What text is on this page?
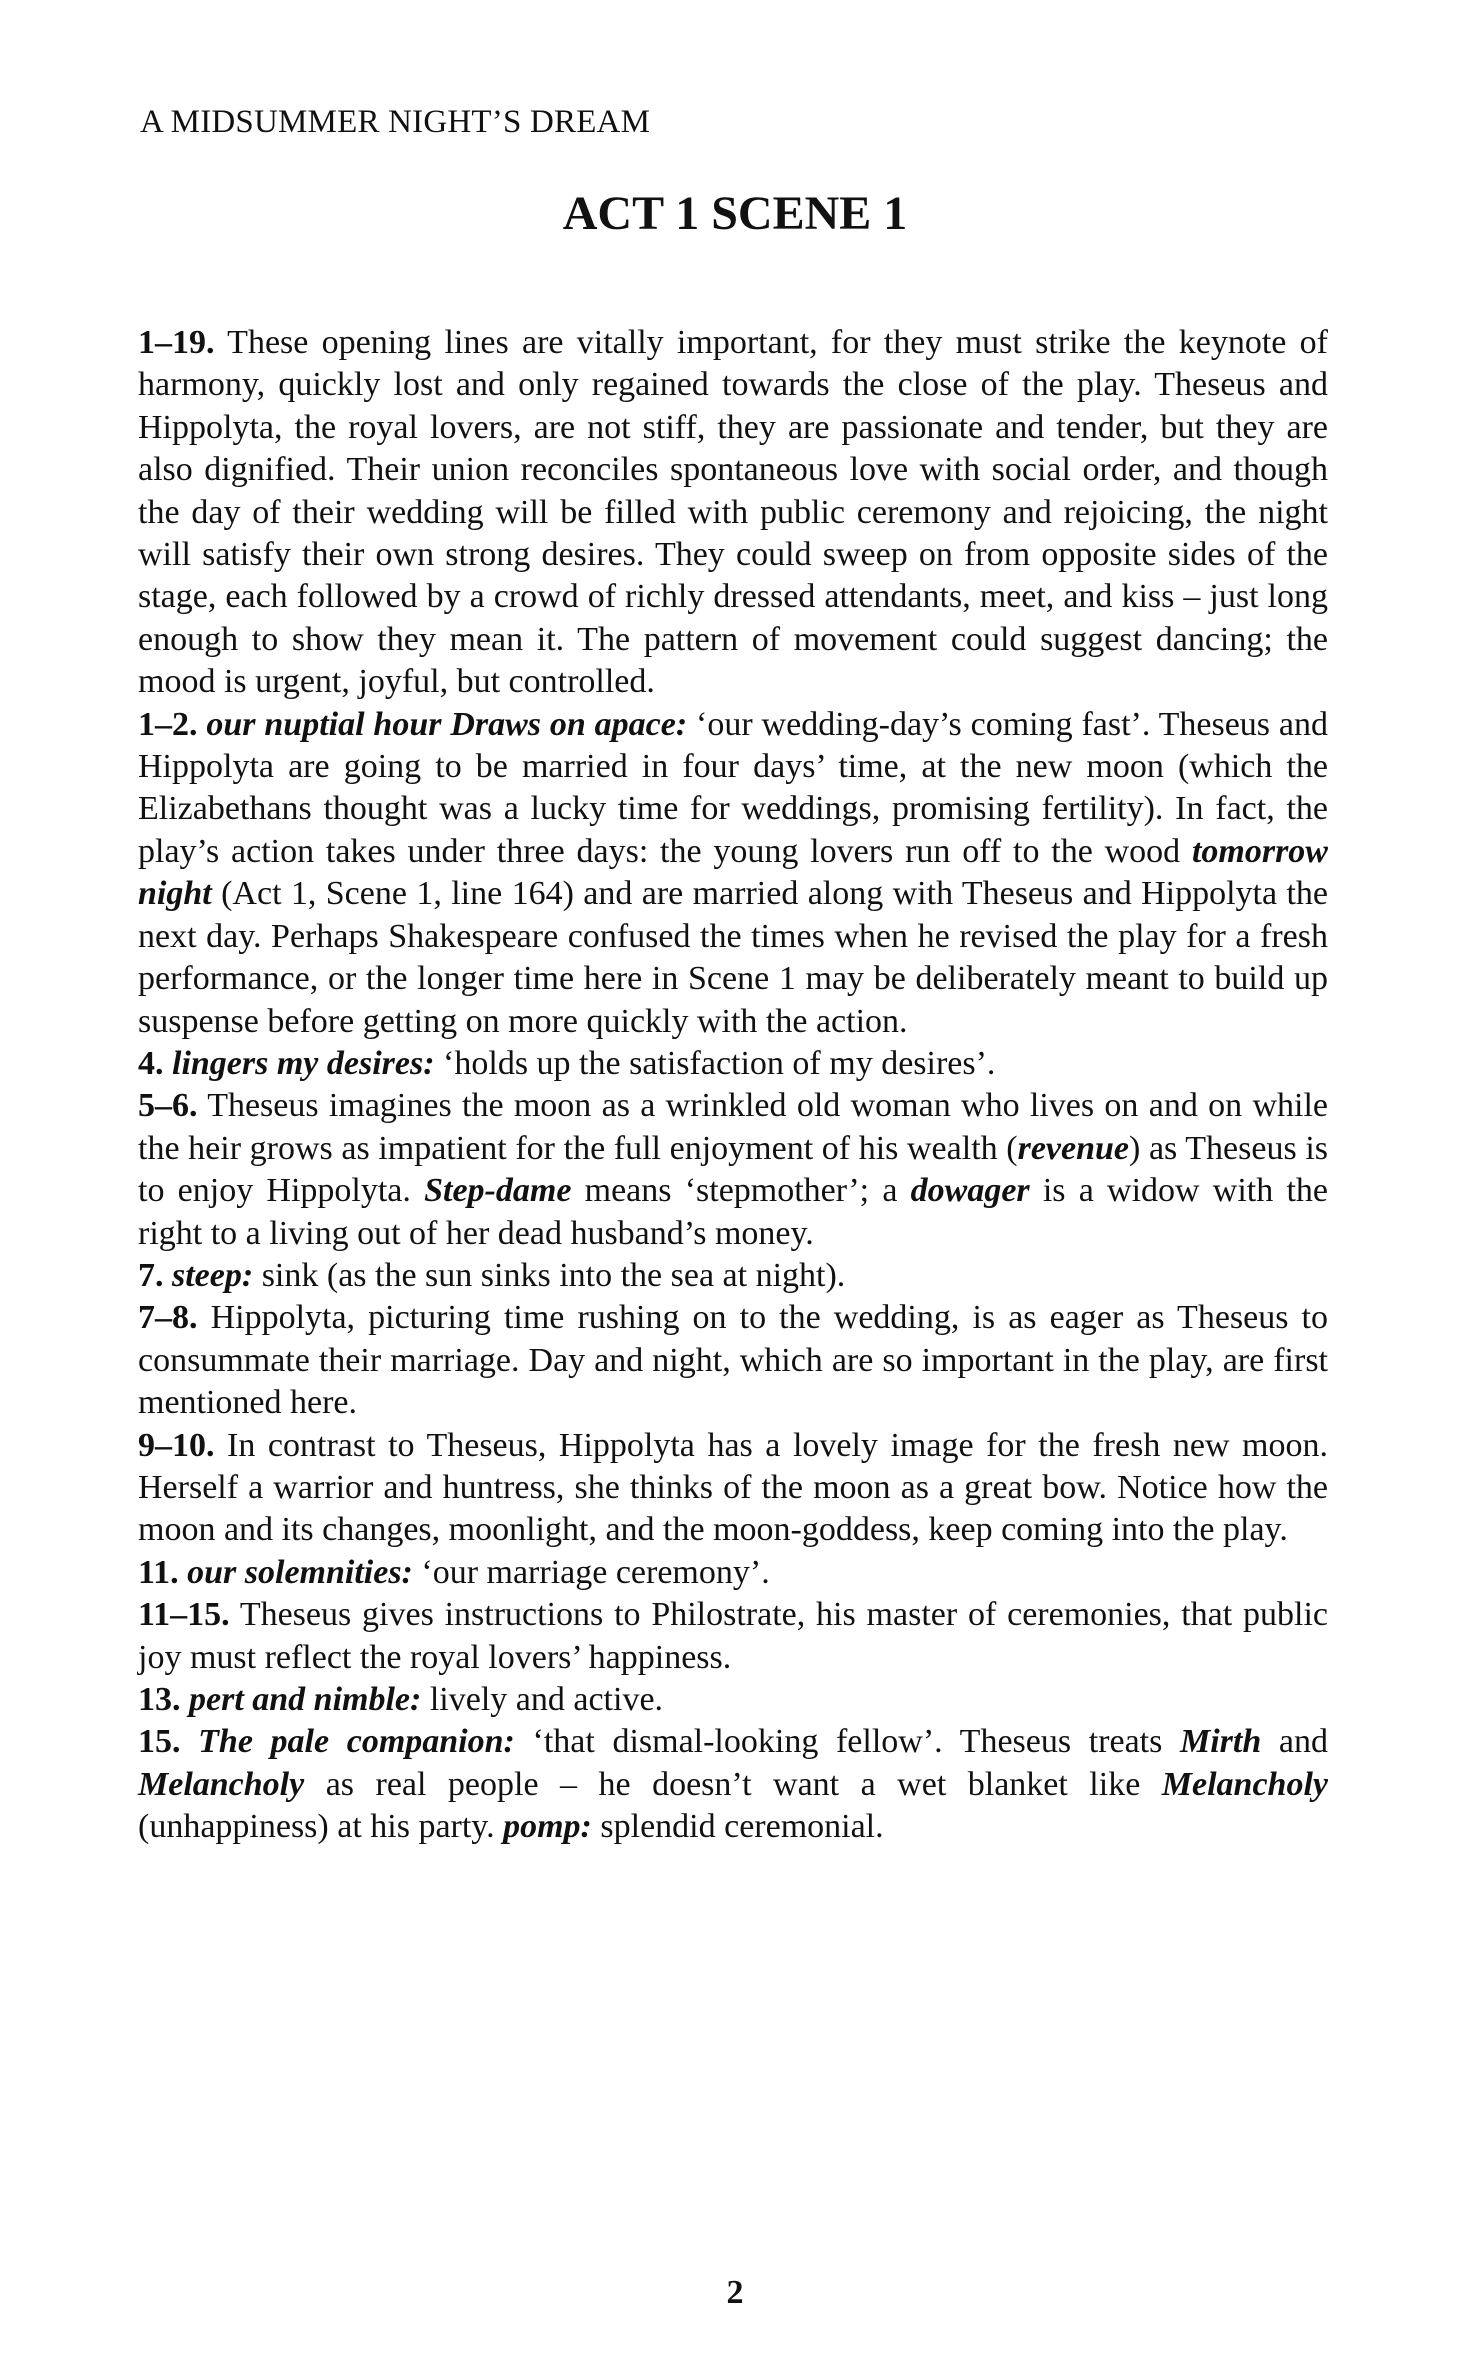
A MIDSUMMER NIGHT’S DREAM
ACT 1 SCENE 1

1–19. These opening lines are vitally important, for they must strike the keynote of harmony, quickly lost and only regained towards the close of the play. Theseus and Hippolyta, the royal lovers, are not stiff, they are passionate and tender, but they are also dignified. Their union reconciles spontaneous love with social order, and though the day of their wedding will be filled with public ceremony and rejoicing, the night will satisfy their own strong desires. They could sweep on from opposite sides of the stage, each followed by a crowd of richly dressed attendants, meet, and kiss – just long enough to show they mean it. The pattern of movement could suggest dancing; the mood is urgent, joyful, but controlled.

1–2. our nuptial hour Draws on apace: ‘our wedding-day’s coming fast’. Theseus and Hippolyta are going to be married in four days’ time, at the new moon (which the Elizabethans thought was a lucky time for weddings, promising fertility). In fact, the play’s action takes under three days: the young lovers run off to the wood tomorrow night (Act 1, Scene 1, line 164) and are married along with Theseus and Hippolyta the next day. Perhaps Shakespeare confused the times when he revised the play for a fresh performance, or the longer time here in Scene 1 may be deliberately meant to build up suspense before getting on more quickly with the action.

4. lingers my desires: ‘holds up the satisfaction of my desires’.

5–6. Theseus imagines the moon as a wrinkled old woman who lives on and on while the heir grows as impatient for the full enjoyment of his wealth (revenue) as Theseus is to enjoy Hippolyta. Step-dame means ‘stepmother’; a dowager is a widow with the right to a living out of her dead husband’s money.

7. steep: sink (as the sun sinks into the sea at night).

7–8. Hippolyta, picturing time rushing on to the wedding, is as eager as Theseus to consummate their marriage. Day and night, which are so important in the play, are first mentioned here.

9–10. In contrast to Theseus, Hippolyta has a lovely image for the fresh new moon. Herself a warrior and huntress, she thinks of the moon as a great bow. Notice how the moon and its changes, moonlight, and the moon-goddess, keep coming into the play.

11. our solemnities: ‘our marriage ceremony’.

11–15. Theseus gives instructions to Philostrate, his master of ceremonies, that public joy must reflect the royal lovers’ happiness.

13. pert and nimble: lively and active.

15. The pale companion: ‘that dismal-looking fellow’. Theseus treats Mirth and Melancholy as real people – he doesn’t want a wet blanket like Melancholy (unhappiness) at his party. pomp: splendid ceremonial.

2
